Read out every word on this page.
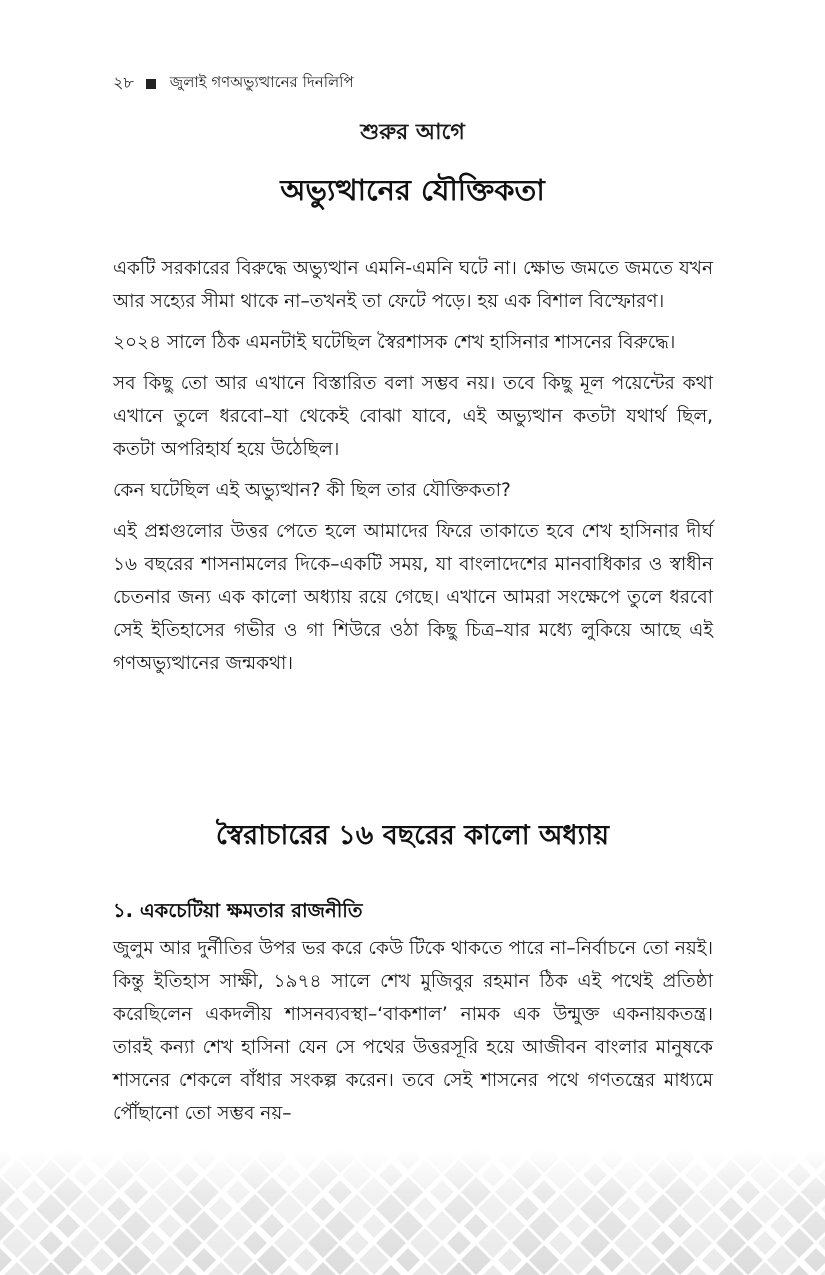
২৮ জুলাই গণঅভ্যুত্থানের দিনলিপি
শুরুর আগে
অভ্যুত্থানের যৌক্তিকতা

একটি সরকারের বিরুদ্ধে অভ্যুত্থান এমনি-এমনি ঘটে না। ক্ষোভ জমতে জমতে যখন আর সহ্যের সীমা থাকে না–তখনই তা ফেটে পড়ে। হয় এক বিশাল বিস্ফোরণ।

২০২৪ সালে ঠিক এমনটাই ঘটেছিল স্বৈরশাসক শেখ হাসিনার শাসনের বিরুদ্ধে।

সব কিছু তো আর এখানে বিস্তারিত বলা সম্ভব নয়। তবে কিছু মূল পয়েন্টের কথা এখানে তুলে ধরবো–যা থেকেই বোঝা যাবে, এই অভ্যুত্থান কতটা যথার্থ ছিল, কতটা অপরিহার্য হয়ে উঠেছিল।

কেন ঘটেছিল এই অভ্যুত্থান? কী ছিল তার যৌক্তিকতা?

এই প্রশ্নগুলোর উত্তর পেতে হলে আমাদের ফিরে তাকাতে হবে শেখ হাসিনার দীর্ঘ ১৬ বছরের শাসনামলের দিকে–একটি সময়, যা বাংলাদেশের মানবাধিকার ও স্বাধীন চেতনার জন্য এক কালো অধ্যায় রয়ে গেছে। এখানে আমরা সংক্ষেপে তুলে ধরবো সেই ইতিহাসের গভীর ও গা শিউরে ওঠা কিছু চিত্র–যার মধ্যে লুকিয়ে আছে এই গণঅভ্যুত্থানের জন্মকথা।

স্বৈরাচারের ১৬ বছরের কালো অধ্যায়
১. একচেটিয়া ক্ষমতার রাজনীতি

জুলুম আর দুর্নীতির উপর ভর করে কেউ টিকে থাকতে পারে না–নির্বাচনে তো নয়ই। কিন্তু ইতিহাস সাক্ষী, ১৯৭৪ সালে শেখ মুজিবুর রহমান ঠিক এই পথেই প্রতিষ্ঠা করেছিলেন একদলীয় শাসনব্যবস্থা–‘বাকশাল’ নামক এক উন্মুক্ত একনায়কতন্ত্র। তারই কন্যা শেখ হাসিনা যেন সে পথের উত্তরসূরি হয়ে আজীবন বাংলার মানুষকে শাসনের শেকলে বাঁধার সংকল্প করেন। তবে সেই শাসনের পথে গণতন্ত্রের মাধ্যমে পৌঁছানো তো সম্ভব নয়–
